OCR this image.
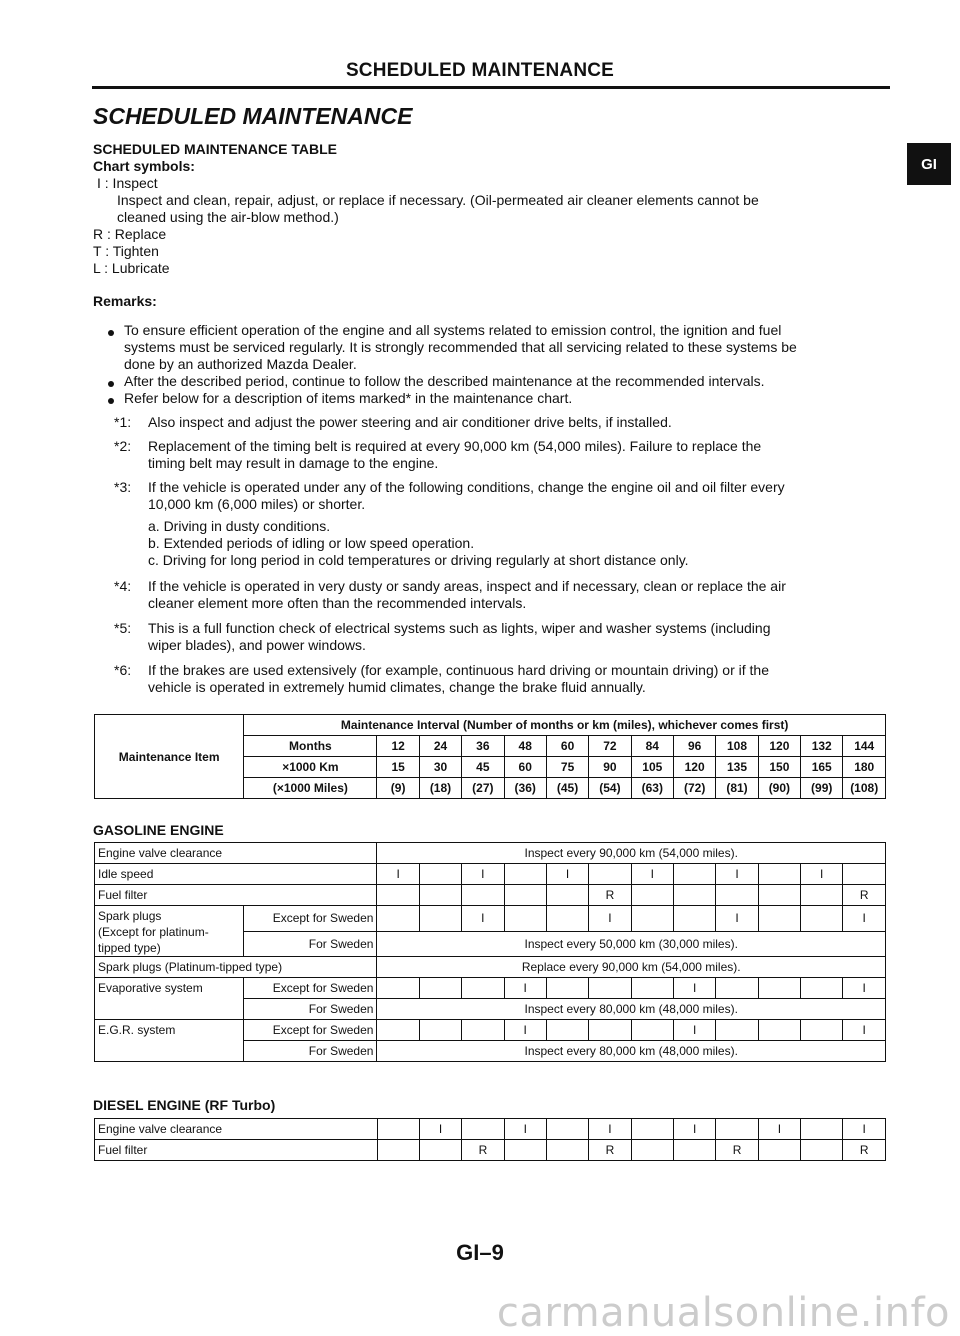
SCHEDULED MAINTENANCE
GI
SCHEDULED MAINTENANCE
SCHEDULED MAINTENANCE TABLE
Chart symbols:
I : Inspect
Inspect and clean, repair, adjust, or replace if necessary. (Oil-permeated air cleaner elements cannot be
cleaned using the air-blow method.)
R : Replace
T : Tighten
L : Lubricate
Remarks:
To ensure efficient operation of the engine and all systems related to emission control, the ignition and fuel
systems must be serviced regularly. It is strongly recommended that all servicing related to these systems be
done by an authorized Mazda Dealer.
After the described period, continue to follow the described maintenance at the recommended intervals.
Refer below for a description of items marked* in the maintenance chart.
*1: Also inspect and adjust the power steering and air conditioner drive belts, if installed.
*2: Replacement of the timing belt is required at every 90,000 km (54,000 miles). Failure to replace the
timing belt may result in damage to the engine.
*3: If the vehicle is operated under any of the following conditions, change the engine oil and oil filter every
10,000 km (6,000 miles) or shorter.
a. Driving in dusty conditions.
b. Extended periods of idling or low speed operation.
c. Driving for long period in cold temperatures or driving regularly at short distance only.
*4: If the vehicle is operated in very dusty or sandy areas, inspect and if necessary, clean or replace the air
cleaner element more often than the recommended intervals.
*5: This is a full function check of electrical systems such as lights, wiper and washer systems (including
wiper blades), and power windows.
*6: If the brakes are used extensively (for example, continuous hard driving or mountain driving) or if the
vehicle is operated in extremely humid climates, change the brake fluid annually.
Maintenance Item	Maintenance Interval (Number of months or km (miles), whichever comes first)												
	Months	12	24	36	48	60	72	84	96	108	120	132	144
	×1000 Km	15	30	45	60	75	90	105	120	135	150	165	180
	(×1000 Miles)	(9)	(18)	(27)	(36)	(45)	(54)	(63)	(72)	(81)	(90)	(99)	(108)
GASOLINE ENGINE
Engine valve clearance		Inspect every 90,000 km (54,000 miles).											
Idle speed		I		I		I		I		I		I	
Fuel filter							R						R

Spark plugs
(Except for platinum-
tipped type)	Except for Sweden			I			I			I			I
	For Sweden	Inspect every 50,000 km (30,000 miles).											
Spark plugs (Platinum-tipped type)		Replace every 90,000 km (54,000 miles).											
Evaporative system	Except for Sweden				I				I				I
	For Sweden	Inspect every 80,000 km (48,000 miles).											
E.G.R. system	Except for Sweden				I				I				I
	For Sweden	Inspect every 80,000 km (48,000 miles).											
DIESEL ENGINE (RF Turbo)
Engine valve clearance		I		I		I		I		I		I
Fuel filter			R			R			R			R
GI–9
carmanualsonline.info
